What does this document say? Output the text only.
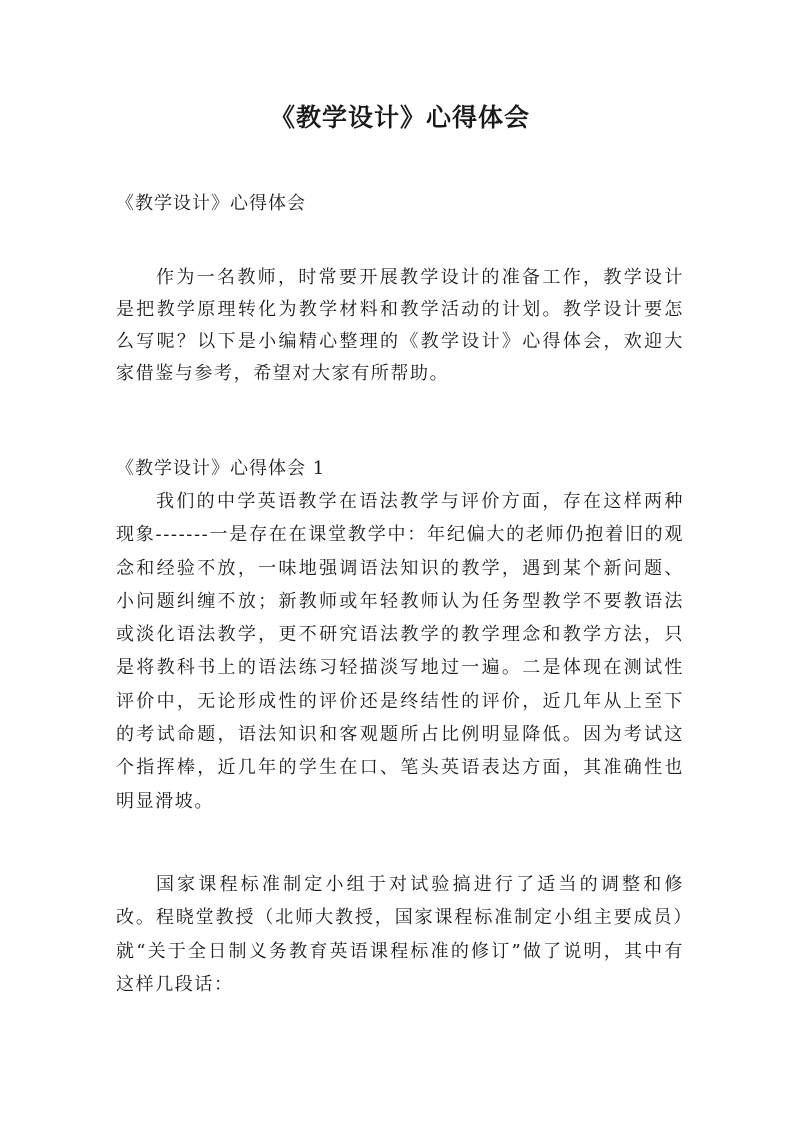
《教学设计》心得体会
《教学设计》心得体会

作为一名教师，时常要开展教学设计的准备工作，教学设计是把教学原理转化为教学材料和教学活动的计划。教学设计要怎么写呢？以下是小编精心整理的《教学设计》心得体会，欢迎大家借鉴与参考，希望对大家有所帮助。

《教学设计》心得体会 1

我们的中学英语教学在语法教学与评价方面，存在这样两种现象-------一是存在在课堂教学中：年纪偏大的老师仍抱着旧的观念和经验不放，一味地强调语法知识的教学，遇到某个新问题、小问题纠缠不放；新教师或年轻教师认为任务型教学不要教语法或淡化语法教学，更不研究语法教学的教学理念和教学方法，只是将教科书上的语法练习轻描淡写地过一遍。二是体现在测试性评价中，无论形成性的评价还是终结性的评价，近几年从上至下的考试命题，语法知识和客观题所占比例明显降低。因为考试这个指挥棒，近几年的学生在口、笔头英语表达方面，其准确性也明显滑坡。

国家课程标准制定小组于对试验搞进行了适当的调整和修改。程晓堂教授（北师大教授，国家课程标准制定小组主要成员）就“关于全日制义务教育英语课程标准的修订”做了说明，其中有这样几段话：
